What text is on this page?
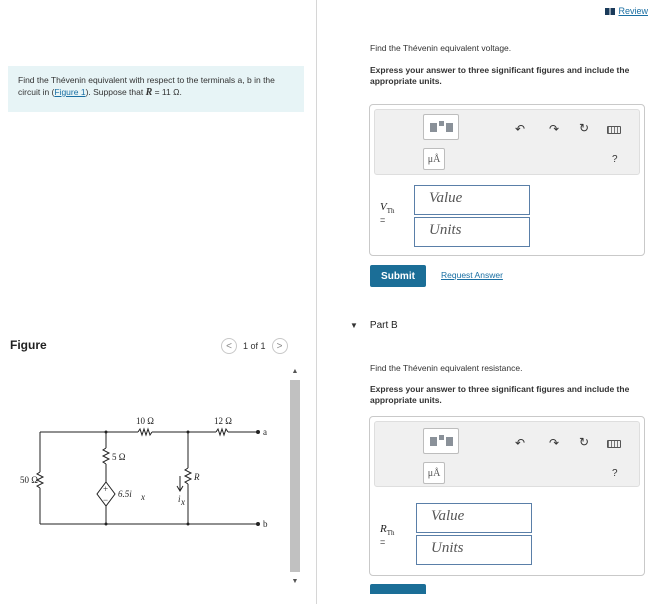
Find the Thévenin equivalent with respect to the terminals a, b in the circuit in (Figure 1). Suppose that R = 11 Ω.
Figure	<	1 of 1	>
10 Ω	12 Ω
5 Ω
50 Ω	R
6.5i x	i x
a
b
+
−
▲
▼
Review
Find the Thévenin equivalent voltage.
Express your answer to three significant figures and include the appropriate units.
μÅ
↶ ↷ ↻
?
$V_{Th}$
=
Value
Units
Submit	Request Answer
▼ Part B
Find the Thévenin equivalent resistance.
Express your answer to three significant figures and include the appropriate units.
μÅ
↶ ↷ ↻
?
$R_{Th}$
=
Value
Units
